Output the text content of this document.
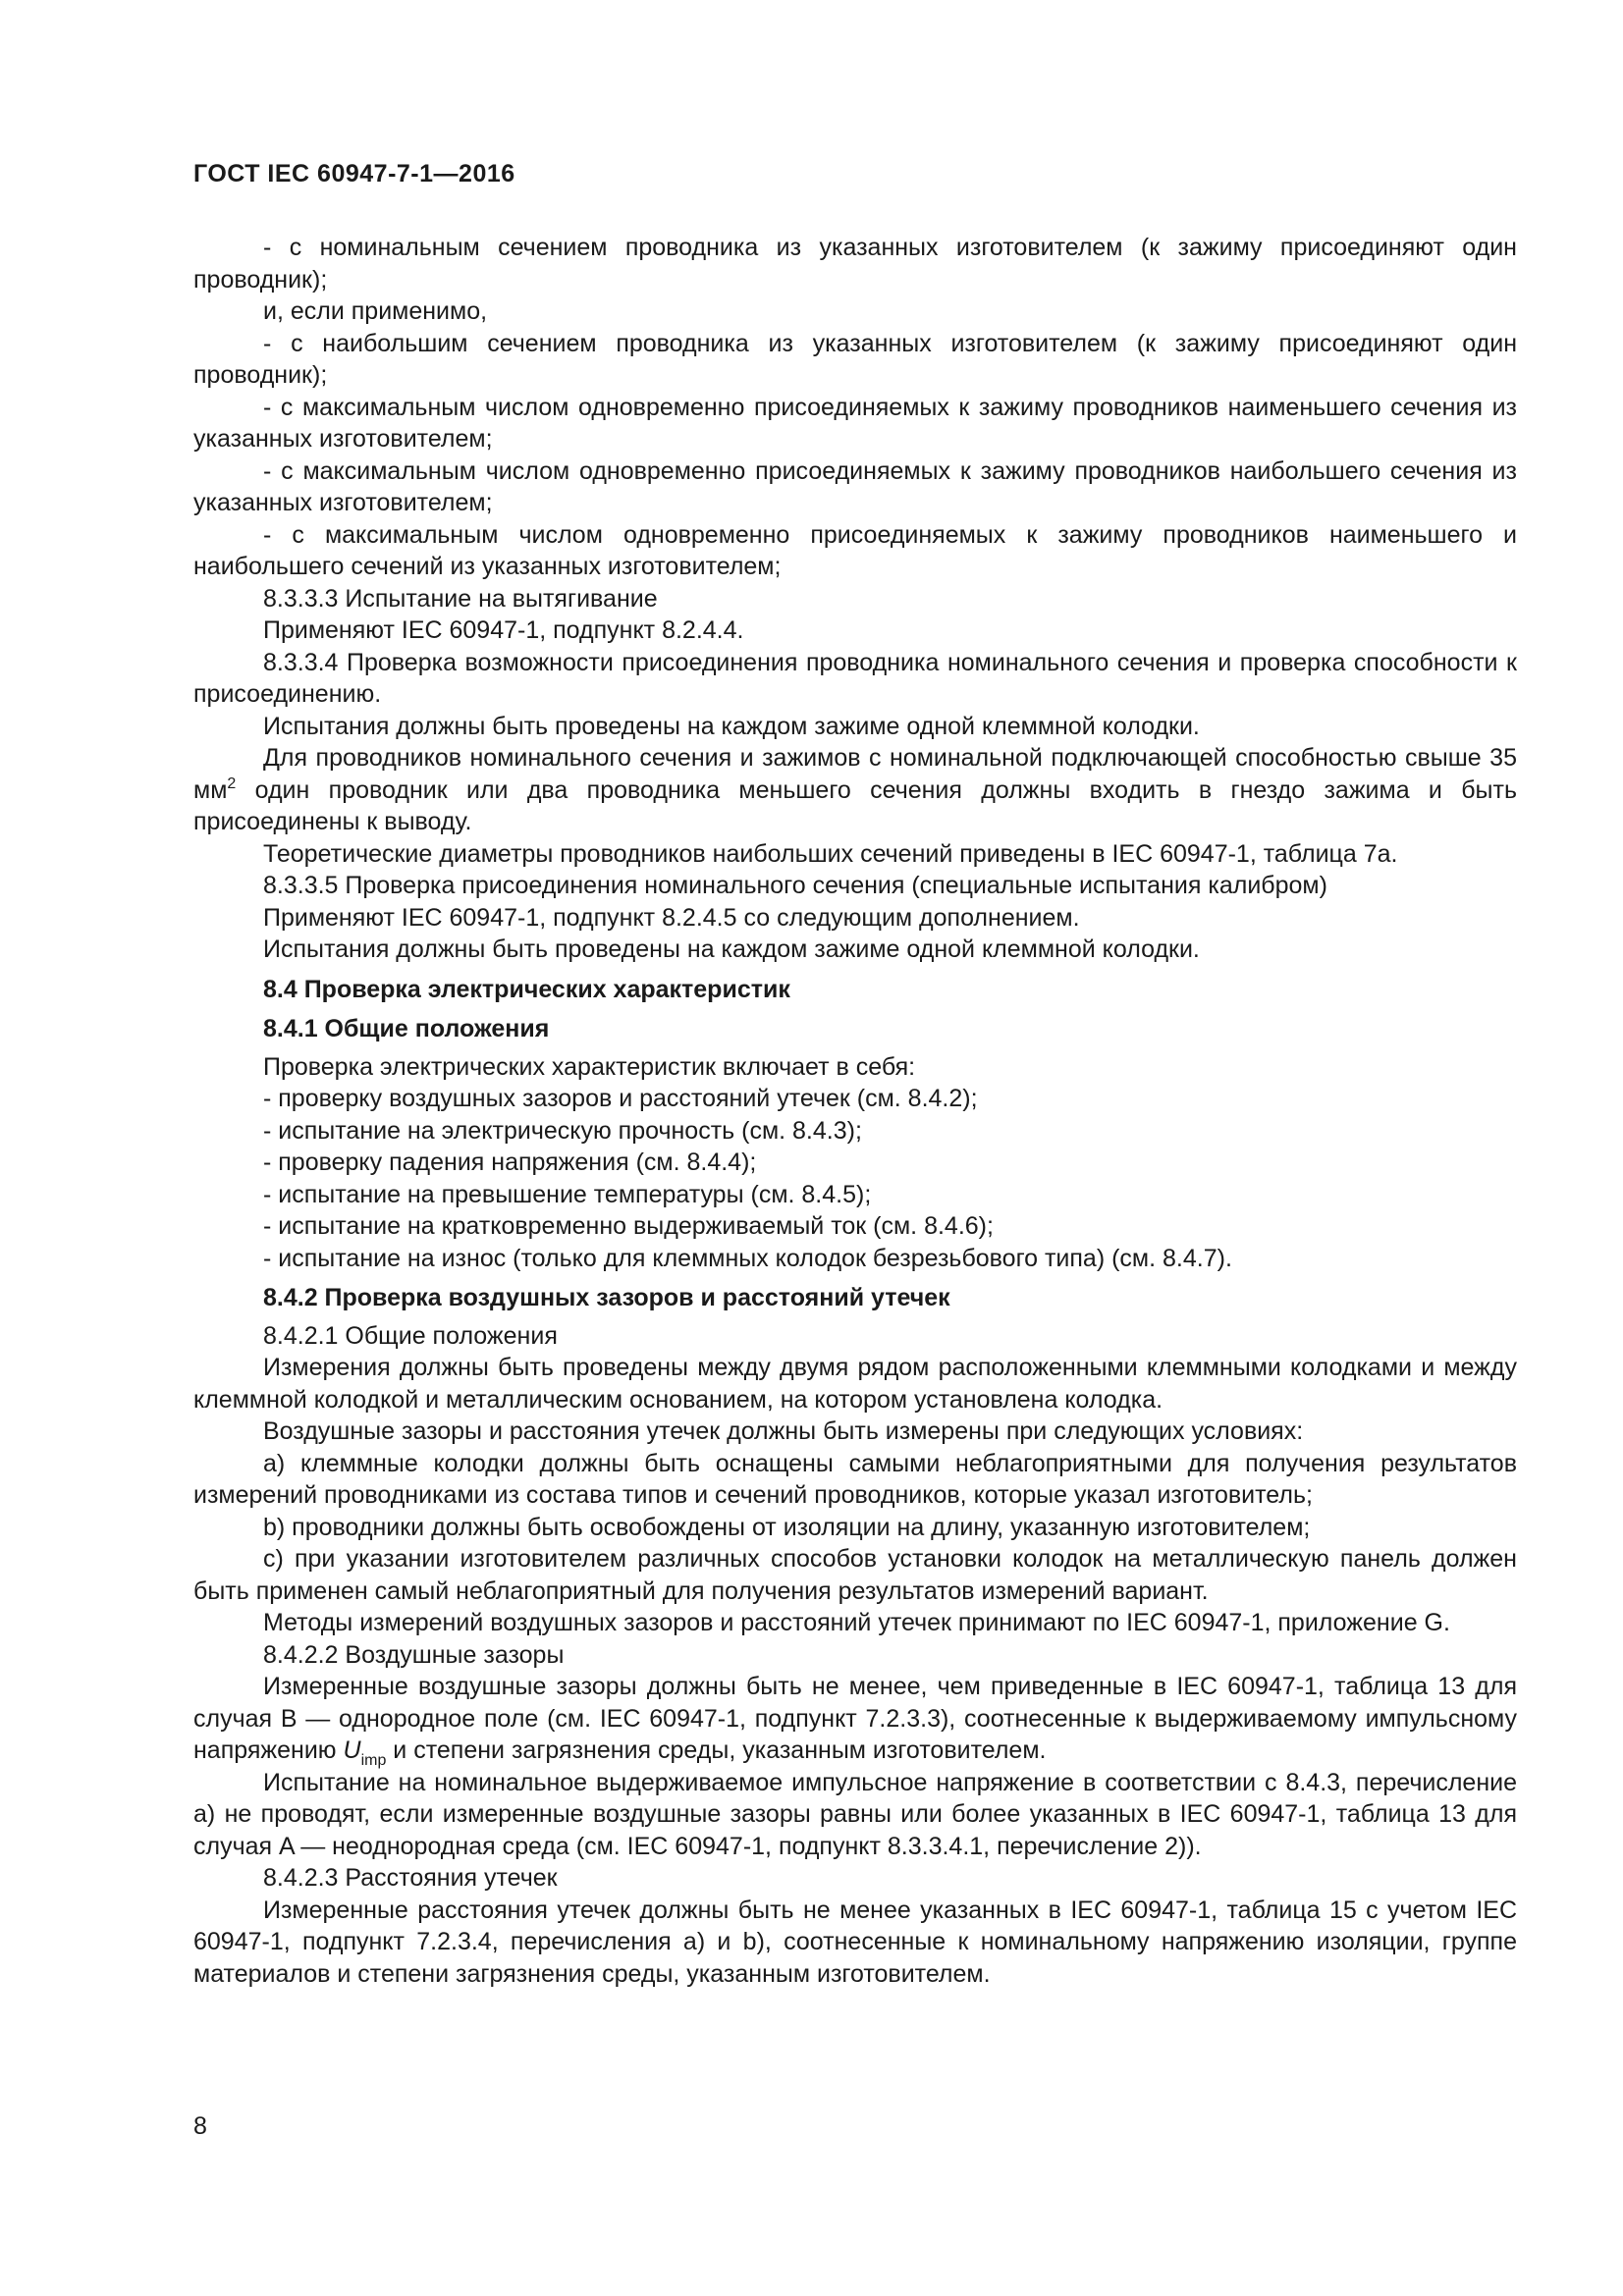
ГОСТ IEC 60947-7-1—2016

- с номинальным сечением проводника из указанных изготовителем (к зажиму присоединяют один проводник);

и, если применимо,

- с наибольшим сечением проводника из указанных изготовителем (к зажиму присоединяют один проводник);

- с максимальным числом одновременно присоединяемых к зажиму проводников наименьшего сечения из указанных изготовителем;

- с максимальным числом одновременно присоединяемых к зажиму проводников наибольшего сечения из указанных изготовителем;

- с максимальным числом одновременно присоединяемых к зажиму проводников наименьшего и наибольшего сечений из указанных изготовителем;

8.3.3.3 Испытание на вытягивание

Применяют IEC 60947-1, подпункт 8.2.4.4.

8.3.3.4 Проверка возможности присоединения проводника номинального сечения и проверка способности к присоединению.

Испытания должны быть проведены на каждом зажиме одной клеммной колодки.

Для проводников номинального сечения и зажимов с номинальной подключающей способностью свыше 35 $мм^2$ один проводник или два проводника меньшего сечения должны входить в гнездо зажима и быть присоединены к выводу.

Теоретические диаметры проводников наибольших сечений приведены в IEC 60947-1, таблица 7а.

8.3.3.5 Проверка присоединения номинального сечения (специальные испытания калибром)

Применяют IEC 60947-1, подпункт 8.2.4.5 со следующим дополнением.

Испытания должны быть проведены на каждом зажиме одной клеммной колодки.

8.4 Проверка электрических характеристик

8.4.1 Общие положения

Проверка электрических характеристик включает в себя:

- проверку воздушных зазоров и расстояний утечек (см. 8.4.2);

- испытание на электрическую прочность (см. 8.4.3);

- проверку падения напряжения (см. 8.4.4);

- испытание на превышение температуры (см. 8.4.5);

- испытание на кратковременно выдерживаемый ток (см. 8.4.6);

- испытание на износ (только для клеммных колодок безрезьбового типа) (см. 8.4.7).

8.4.2 Проверка воздушных зазоров и расстояний утечек

8.4.2.1 Общие положения

Измерения должны быть проведены между двумя рядом расположенными клеммными колодками и между клеммной колодкой и металлическим основанием, на котором установлена колодка.

Воздушные зазоры и расстояния утечек должны быть измерены при следующих условиях:

a) клеммные колодки должны быть оснащены самыми неблагоприятными для получения результатов измерений проводниками из состава типов и сечений проводников, которые указал изготовитель;

b) проводники должны быть освобождены от изоляции на длину, указанную изготовителем;

c) при указании изготовителем различных способов установки колодок на металлическую панель должен быть применен самый неблагоприятный для получения результатов измерений вариант.

Методы измерений воздушных зазоров и расстояний утечек принимают по IEC 60947-1, приложение G.

8.4.2.2 Воздушные зазоры

Измеренные воздушные зазоры должны быть не менее, чем приведенные в IEC 60947-1, таблица 13 для случая B — однородное поле (см. IEC 60947-1, подпункт 7.2.3.3), соотнесенные к выдерживаемому импульсному напряжению $U_{imp}$ и степени загрязнения среды, указанным изготовителем.

Испытание на номинальное выдерживаемое импульсное напряжение в соответствии с 8.4.3, перечисление а) не проводят, если измеренные воздушные зазоры равны или более указанных в IEC 60947-1, таблица 13 для случая A — неоднородная среда (см. IEC 60947-1, подпункт 8.3.3.4.1, перечисление 2)).

8.4.2.3 Расстояния утечек

Измеренные расстояния утечек должны быть не менее указанных в IEC 60947-1, таблица 15 с учетом IEC 60947-1, подпункт 7.2.3.4, перечисления а) и b), соотнесенные к номинальному напряжению изоляции, группе материалов и степени загрязнения среды, указанным изготовителем.

8
